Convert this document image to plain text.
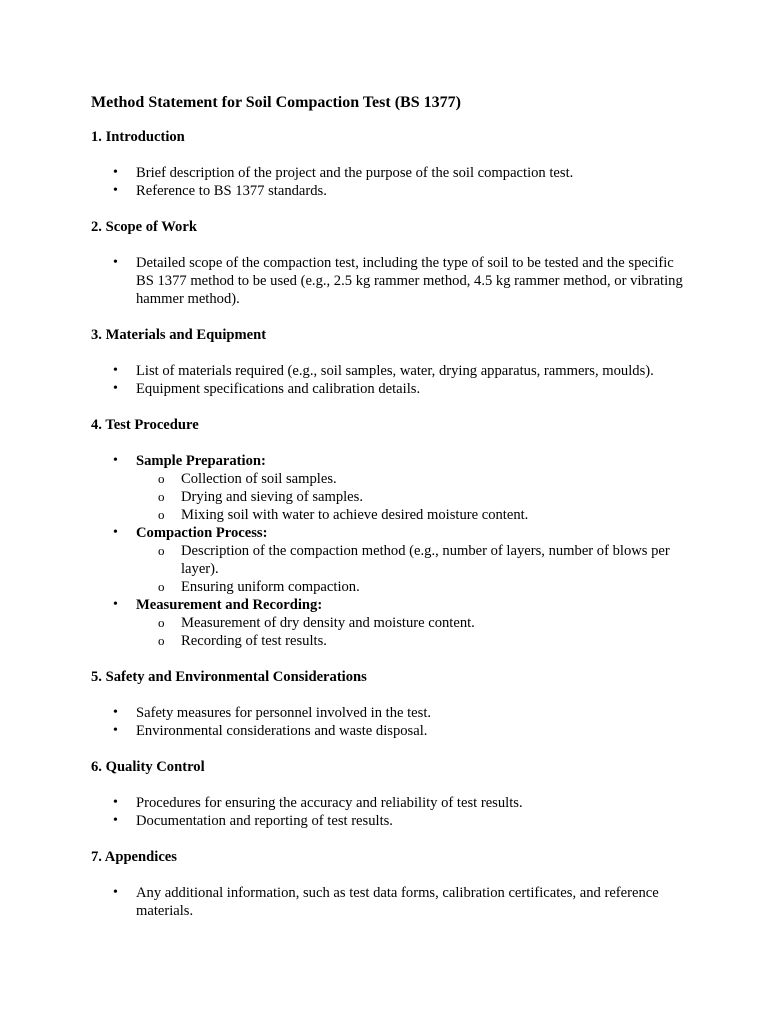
Method Statement for Soil Compaction Test (BS 1377)
1. Introduction
• Brief description of the project and the purpose of the soil compaction test.
• Reference to BS 1377 standards.
2. Scope of Work
• Detailed scope of the compaction test, including the type of soil to be tested and the specific BS 1377 method to be used (e.g., 2.5 kg rammer method, 4.5 kg rammer method, or vibrating hammer method).
3. Materials and Equipment
• List of materials required (e.g., soil samples, water, drying apparatus, rammers, moulds).
• Equipment specifications and calibration details.
4. Test Procedure
• Sample Preparation:
o Collection of soil samples.
o Drying and sieving of samples.
o Mixing soil with water to achieve desired moisture content.
• Compaction Process:
o Description of the compaction method (e.g., number of layers, number of blows per layer).
o Ensuring uniform compaction.
• Measurement and Recording:
o Measurement of dry density and moisture content.
o Recording of test results.
5. Safety and Environmental Considerations
• Safety measures for personnel involved in the test.
• Environmental considerations and waste disposal.
6. Quality Control
• Procedures for ensuring the accuracy and reliability of test results.
• Documentation and reporting of test results.
7. Appendices
• Any additional information, such as test data forms, calibration certificates, and reference materials.
